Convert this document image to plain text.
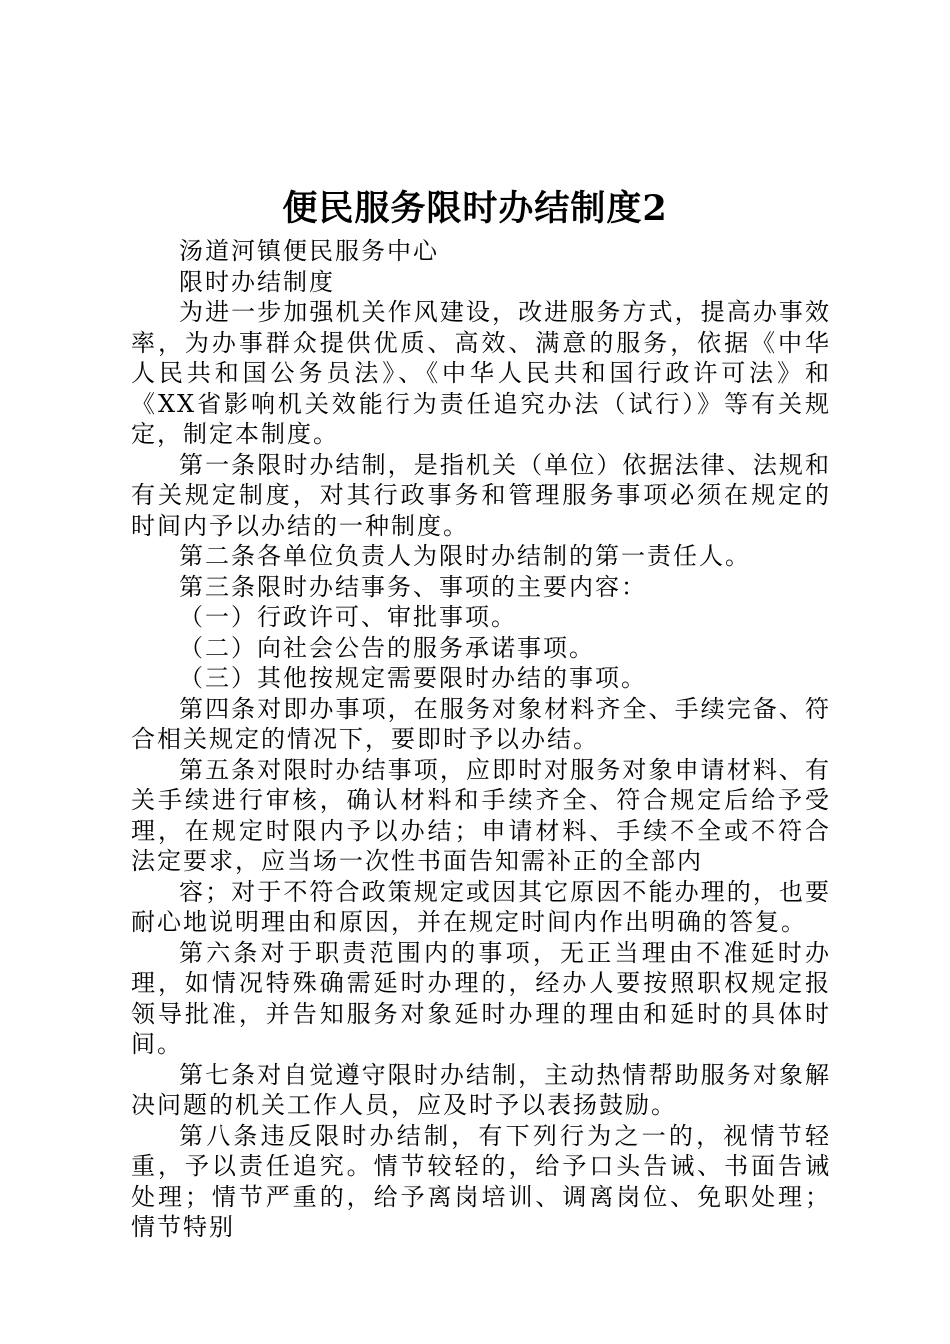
便民服务限时办结制度2

汤道河镇便民服务中心

限时办结制度

为进一步加强机关作风建设，改进服务方式，提高办事效率，为办事群众提供优质、高效、满意的服务，依据《中华人民共和国公务员法》、《中华人民共和国行政许可法》和《XX省影响机关效能行为责任追究办法（试行）》等有关规定，制定本制度。

第一条限时办结制，是指机关（单位）依据法律、法规和有关规定制度，对其行政事务和管理服务事项必须在规定的时间内予以办结的一种制度。

第二条各单位负责人为限时办结制的第一责任人。

第三条限时办结事务、事项的主要内容：

（一）行政许可、审批事项。

（二）向社会公告的服务承诺事项。

（三）其他按规定需要限时办结的事项。

第四条对即办事项，在服务对象材料齐全、手续完备、符合相关规定的情况下，要即时予以办结。

第五条对限时办结事项，应即时对服务对象申请材料、有关手续进行审核，确认材料和手续齐全、符合规定后给予受理，在规定时限内予以办结；申请材料、手续不全或不符合法定要求，应当场一次性书面告知需补正的全部内

容；对于不符合政策规定或因其它原因不能办理的，也要耐心地说明理由和原因，并在规定时间内作出明确的答复。

第六条对于职责范围内的事项，无正当理由不准延时办理，如情况特殊确需延时办理的，经办人要按照职权规定报领导批准，并告知服务对象延时办理的理由和延时的具体时间。

第七条对自觉遵守限时办结制，主动热情帮助服务对象解决问题的机关工作人员，应及时予以表扬鼓励。

第八条违反限时办结制，有下列行为之一的，视情节轻重，予以责任追究。情节较轻的，给予口头告诫、书面告诫处理；情节严重的，给予离岗培训、调离岗位、免职处理；情节特别
